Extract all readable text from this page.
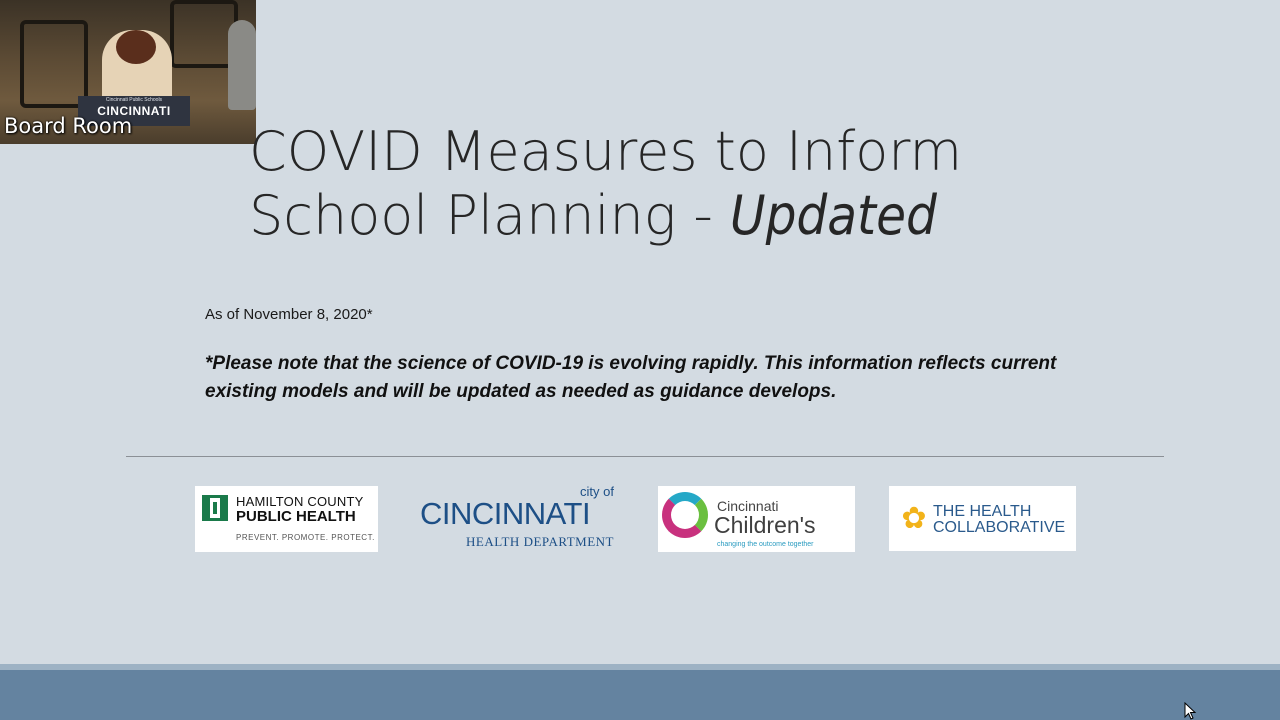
CINCINNATI
Cincinnati Public Schools
Board Room COVID Measures to Inform
School Planning - Updated
As of November 8, 2020*
*Please note that the science of COVID-19 is evolving rapidly. This information reflects current existing models and will be updated as needed as guidance develops.
HAMILTON COUNTY
PUBLIC HEALTH
PREVENT. PROMOTE. PROTECT.
city of
CINCINNATI
HEALTH DEPARTMENT
Cincinnati
Children's
changing the outcome together
✿ THE HEALTH
COLLABORATIVE
